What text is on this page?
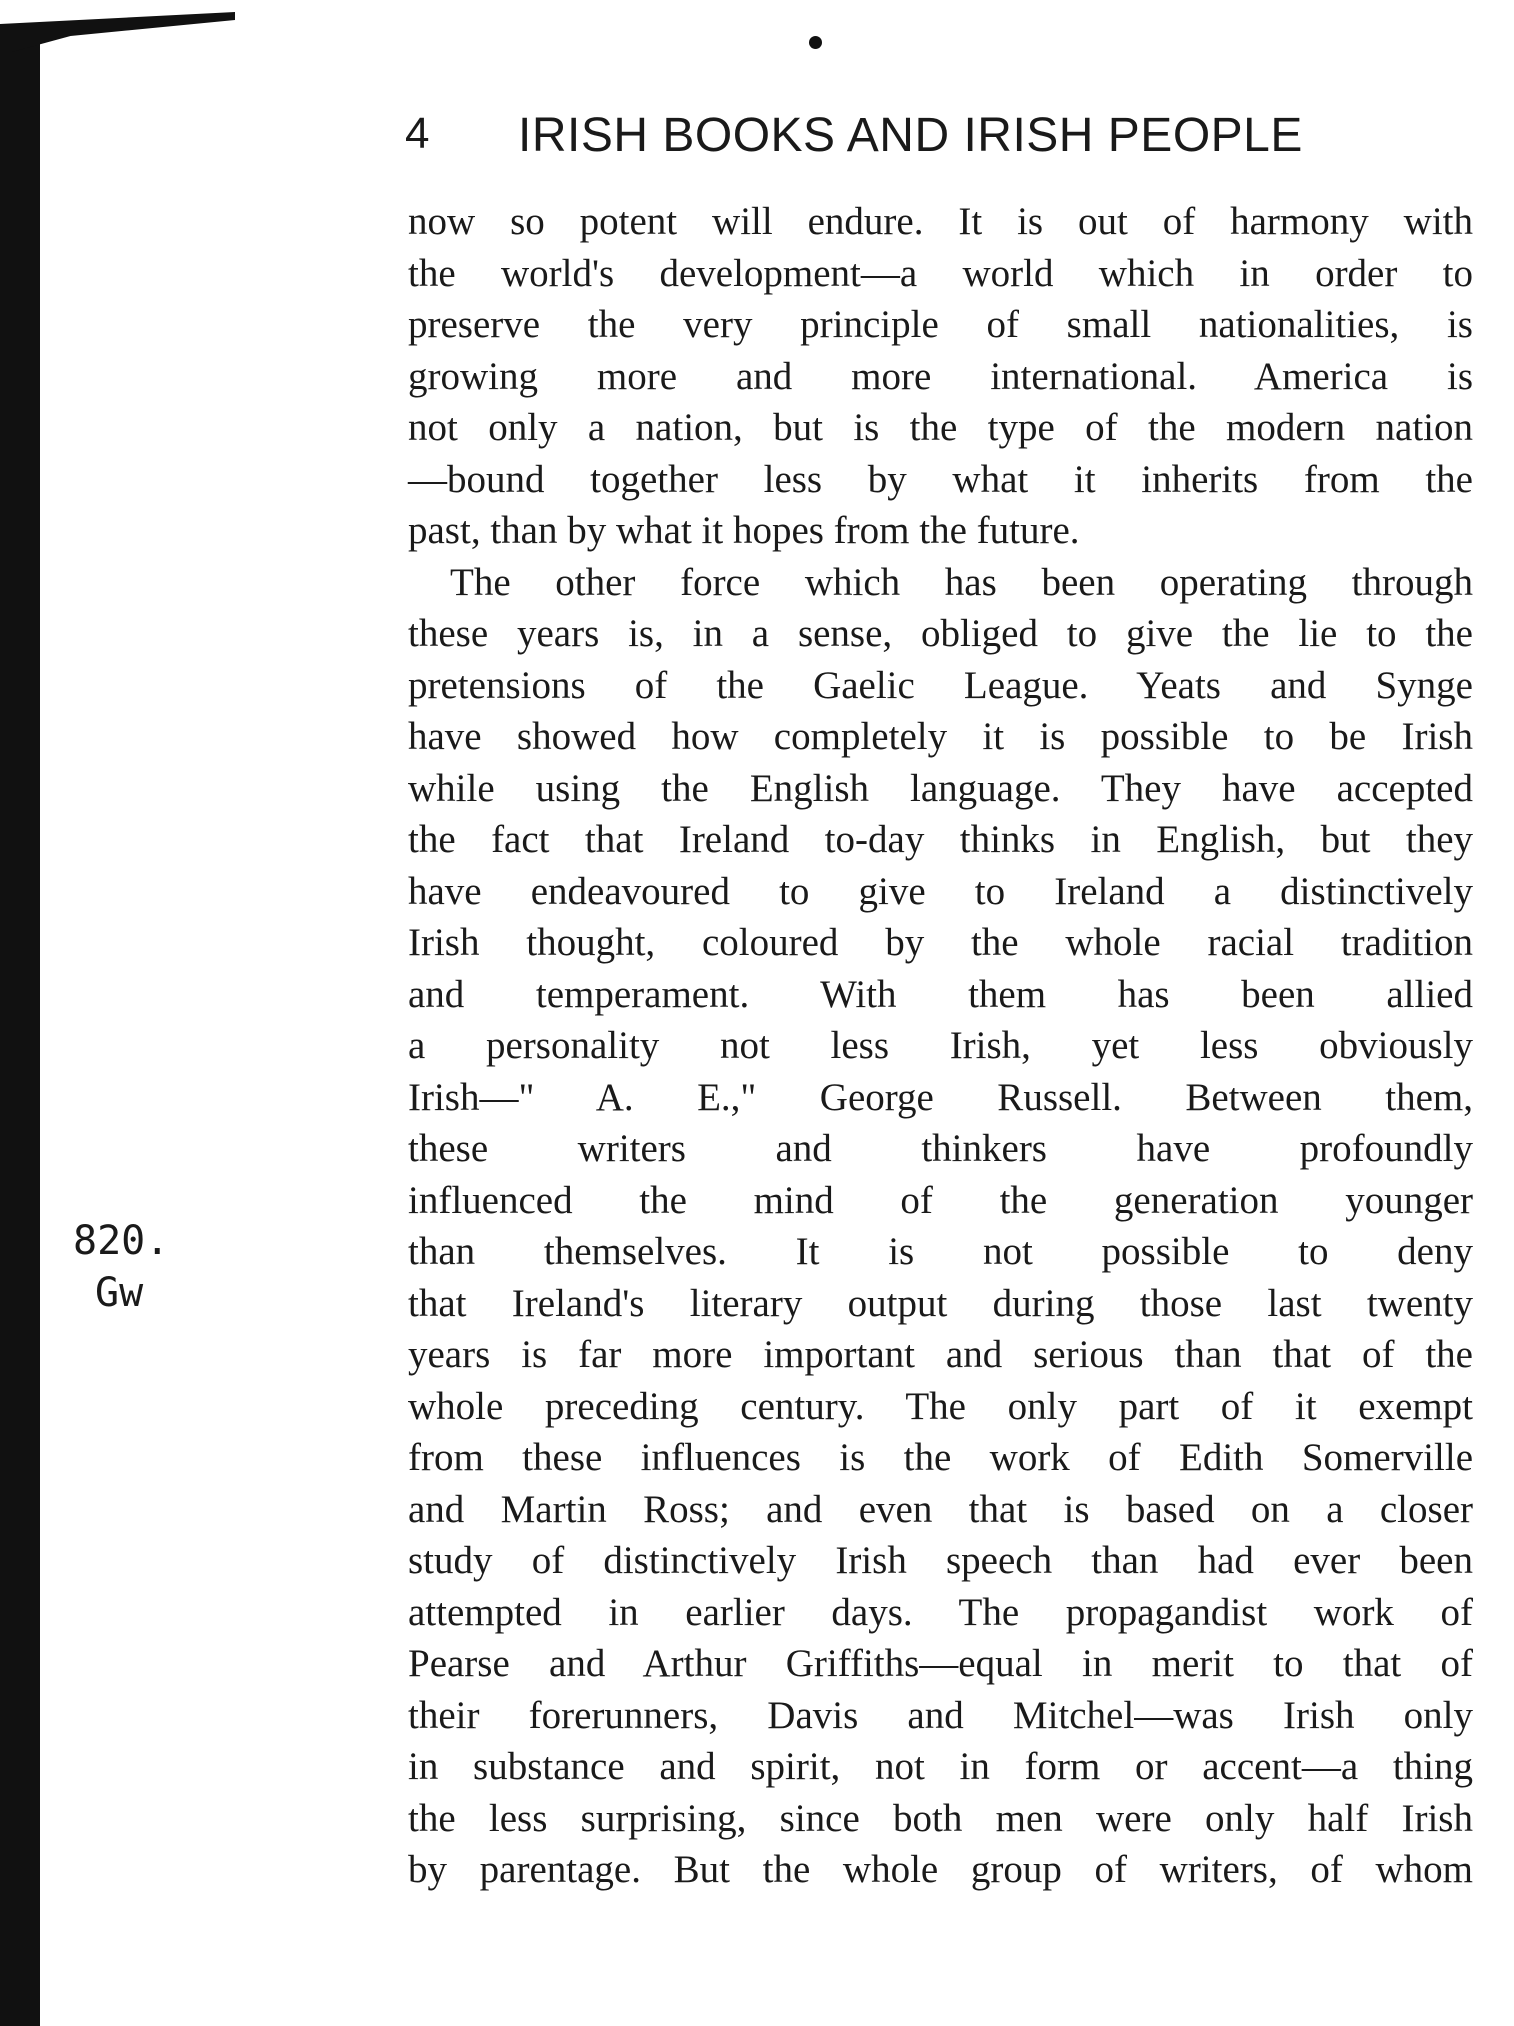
4 IRISH BOOKS AND IRISH PEOPLE
now so potent will endure. It is out of harmony with
the world's development—a world which in order to
preserve the very principle of small nationalities, is
growing more and more international. America is
not only a nation, but is the type of the modern nation
—bound together less by what it inherits from the
past, than by what it hopes from the future.
The other force which has been operating through
these years is, in a sense, obliged to give the lie to the
pretensions of the Gaelic League. Yeats and Synge
have showed how completely it is possible to be Irish
while using the English language. They have accepted
the fact that Ireland to-day thinks in English, but they
have endeavoured to give to Ireland a distinctively
Irish thought, coloured by the whole racial tradition
and temperament. With them has been allied
a personality not less Irish, yet less obviously
Irish—" A. E.," George Russell. Between them,
these writers and thinkers have profoundly
influenced the mind of the generation younger
than themselves. It is not possible to deny
that Ireland's literary output during those last twenty
years is far more important and serious than that of the
whole preceding century. The only part of it exempt
from these influences is the work of Edith Somerville
and Martin Ross; and even that is based on a closer
study of distinctively Irish speech than had ever been
attempted in earlier days. The propagandist work of
Pearse and Arthur Griffiths—equal in merit to that of
their forerunners, Davis and Mitchel—was Irish only
in substance and spirit, not in form or accent—a thing
the less surprising, since both men were only half Irish
by parentage. But the whole group of writers, of whom
820.
Gw
